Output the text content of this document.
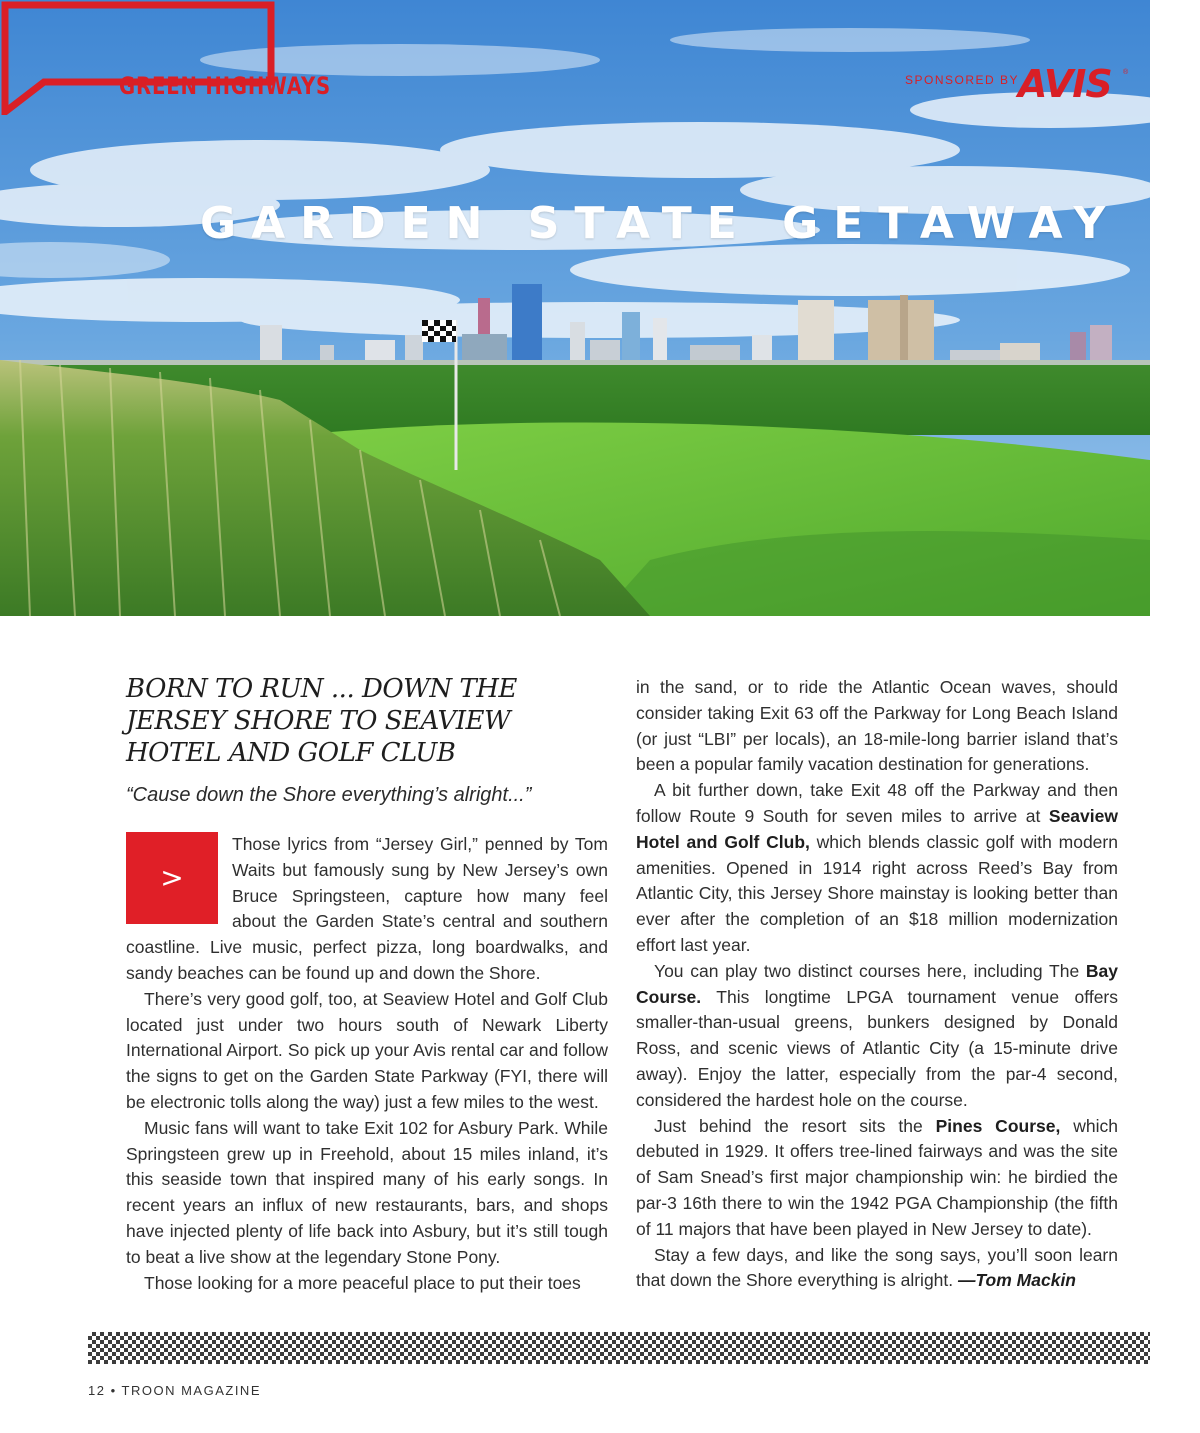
GREEN HIGHWAYS	SPONSORED BY
AVIS ®
GARDEN STATE GETAWAY
BORN TO RUN ... DOWN THE JERSEY SHORE TO SEAVIEW HOTEL AND GOLF CLUB
“Cause down the Shore everything’s alright...”
>

Those lyrics from “Jersey Girl,” penned by Tom Waits but famously sung by New Jersey’s own Bruce Springsteen, capture how many feel about the Garden State’s central and southern coastline. Live music, perfect pizza, long boardwalks, and sandy beaches can be found up and down the Shore.

There’s very good golf, too, at Seaview Hotel and Golf Club located just under two hours south of Newark Liberty International Airport. So pick up your Avis rental car and follow the signs to get on the Garden State Parkway (FYI, there will be electronic tolls along the way) just a few miles to the west.

Music fans will want to take Exit 102 for Asbury Park. While Springsteen grew up in Freehold, about 15 miles inland, it’s this seaside town that inspired many of his early songs. In recent years an influx of new restaurants, bars, and shops have injected plenty of life back into Asbury, but it’s still tough to beat a live show at the legendary Stone Pony.

Those looking for a more peaceful place to put their toes

in the sand, or to ride the Atlantic Ocean waves, should consider taking Exit 63 off the Parkway for Long Beach Island (or just “LBI” per locals), an 18-mile-long barrier island that’s been a popular family vacation destination for generations.

A bit further down, take Exit 48 off the Parkway and then follow Route 9 South for seven miles to arrive at Seaview Hotel and Golf Club, which blends classic golf with modern amenities. Opened in 1914 right across Reed’s Bay from Atlantic City, this Jersey Shore mainstay is looking better than ever after the completion of an $18 million modernization effort last year.

You can play two distinct courses here, including The Bay Course. This longtime LPGA tournament venue offers smaller-than-usual greens, bunkers designed by Donald Ross, and scenic views of Atlantic City (a 15-minute drive away). Enjoy the latter, especially from the par-4 second, considered the hardest hole on the course.

Just behind the resort sits the Pines Course, which debuted in 1929. It offers tree-lined fairways and was the site of Sam Snead’s first major championship win: he birdied the par-3 16th there to win the 1942 PGA Championship (the fifth of 11 majors that have been played in New Jersey to date).

Stay a few days, and like the song says, you’ll soon learn that down the Shore everything is alright. —Tom Mackin

12 • TROON MAGAZINE
